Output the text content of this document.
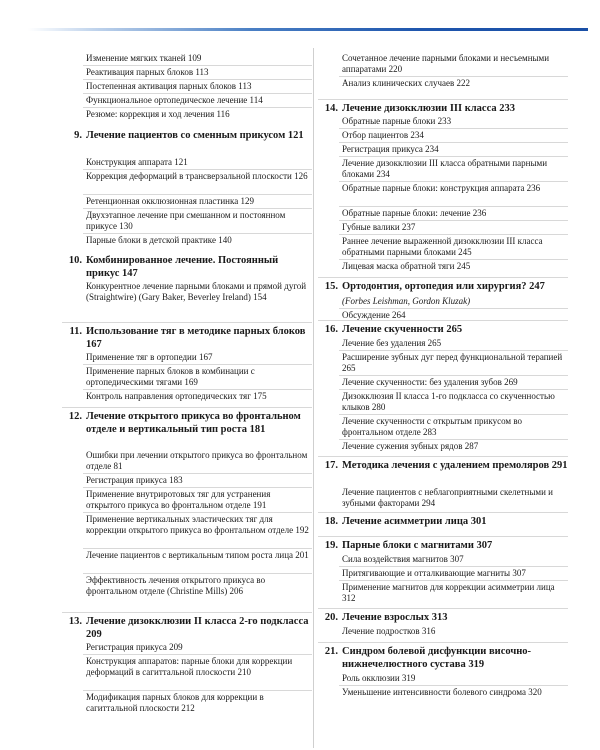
Изменение мягких тканей 109
Реактивация парных блоков 113
Постепенная активация парных блоков 113
Функциональное ортопедическое лечение 114
Резюме: коррекция и ход лечения 116
9. Лечение пациентов со сменным прикусом 121
Конструкция аппарата 121
Коррекция деформаций в трансверзальной плоскости 126
Ретенционная окклюзионная пластинка 129
Двухэтапное лечение при смешанном и постоянном прикусе 130
Парные блоки в детской практике 140
10. Комбинированное лечение. Постоянный прикус 147
Конкурентное лечение парными блоками и прямой дугой (Straightwire) (Gary Baker, Beverley Ireland) 154
11. Использование тяг в методике парных блоков 167
Применение тяг в ортопедии 167
Применение парных блоков в комбинации с ортопедическими тягами 169
Контроль направления ортопедических тяг 175
12. Лечение открытого прикуса во фронтальном отделе и вертикальный тип роста 181
Ошибки при лечении открытого прикуса во фронтальном отделе 81
Регистрация прикуса 183
Применение внутриротовых тяг для устранения открытого прикуса во фронтальном отделе 191
Применение вертикальных эластических тяг для коррекции открытого прикуса во фронтальном отделе 192
Лечение пациентов с вертикальным типом роста лица 201
Эффективность лечения открытого прикуса во фронтальном отделе (Christine Mills) 206
13. Лечение дизокклюзии II класса 2-го подкласса 209
Регистрация прикуса 209
Конструкция аппаратов: парные блоки для коррекции деформаций в сагиттальной плоскости 210
Модификация парных блоков для коррекции в сагиттальной плоскости 212
Сочетанное лечение парными блоками и несъемными аппаратами 220
Анализ клинических случаев 222
14. Лечение дизокклюзии III класса 233
Обратные парные блоки 233
Отбор пациентов 234
Регистрация прикуса 234
Лечение дизокклюзии III класса обратными парными блоками 234
Обратные парные блоки: конструкция аппарата 236
Обратные парные блоки: лечение 236
Губные валики 237
Раннее лечение выраженной дизокклюзии III класса обратными парными блоками 245
Лицевая маска обратной тяги 245
15. Ортодонтия, ортопедия или хирургия? 247
(Forbes Leishman, Gordon Kluzak)
Обсуждение 264
16. Лечение скученности 265
Лечение без удаления 265
Расширение зубных дуг перед функциональной терапией 265
Лечение скученности: без удаления зубов 269
Дизокклюзия II класса 1-го подкласса со скученностью клыков 280
Лечение скученности с открытым прикусом во фронтальном отделе 283
Лечение сужения зубных рядов 287
17. Методика лечения с удалением премоляров 291
Лечение пациентов с неблагоприятными скелетными и зубными факторами 294
18. Лечение асимметрии лица 301
19. Парные блоки с магнитами 307
Сила воздействия магнитов 307
Притягивающие и отталкивающие магниты 307
Применение магнитов для коррекции асимметрии лица 312
20. Лечение взрослых 313
Лечение подростков 316
21. Синдром болевой дисфункции височно-нижнечелюстного сустава 319
Роль окклюзии 319
Уменьшение интенсивности болевого синдрома 320
